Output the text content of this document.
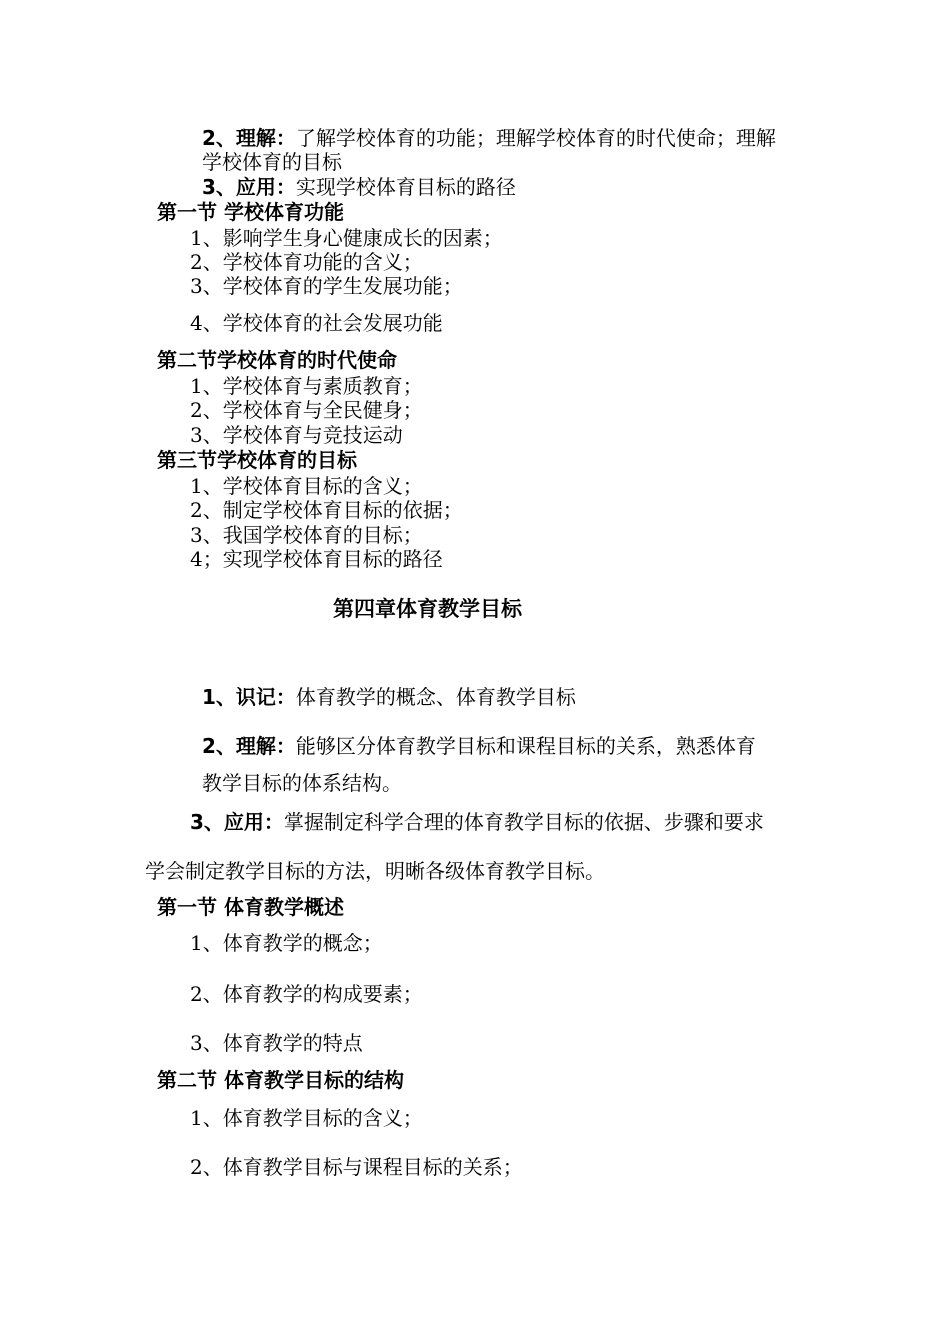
2、理解：了解学校体育的功能；理解学校体育的时代使命；理解
学校体育的目标
3、应用：实现学校体育目标的路径
第一节 学校体育功能
1、影响学生身心健康成长的因素；
2、学校体育功能的含义；
3、学校体育的学生发展功能；
4、学校体育的社会发展功能
第二节学校体育的时代使命
1、学校体育与素质教育；
2、学校体育与全民健身；
3、学校体育与竞技运动
第三节学校体育的目标
1、学校体育目标的含义；
2、制定学校体育目标的依据；
3、我国学校体育的目标；
4；实现学校体育目标的路径
第四章体育教学目标
1、识记：体育教学的概念、体育教学目标
2、理解：能够区分体育教学目标和课程目标的关系，熟悉体育
教学目标的体系结构。
3、应用：掌握制定科学合理的体育教学目标的依据、步骤和要求
学会制定教学目标的方法，明晰各级体育教学目标。
第一节 体育教学概述
1、体育教学的概念；
2、体育教学的构成要素；
3、体育教学的特点
第二节 体育教学目标的结构
1、体育教学目标的含义；
2、体育教学目标与课程目标的关系；
